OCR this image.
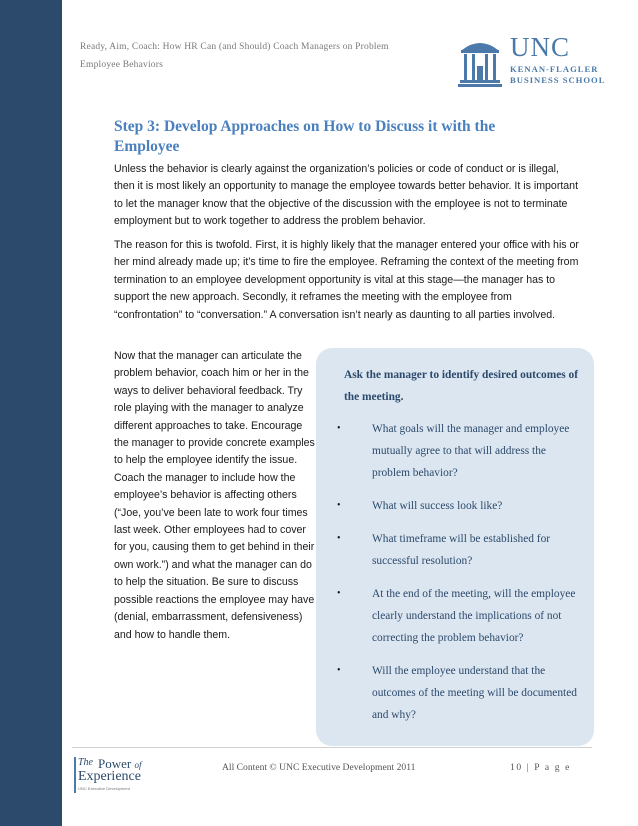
Ready, Aim, Coach: How HR Can (and Should) Coach Managers on Problem
Employee Behaviors
UNC
KENAN-FLAGLER
BUSINESS SCHOOL
Step 3: Develop Approaches on How to Discuss it with the Employee
Unless the behavior is clearly against the organization’s policies or code of conduct or is illegal, then it is most likely an opportunity to manage the employee towards better behavior. It is important to let the manager know that the objective of the discussion with the employee is not to terminate employment but to work together to address the problem behavior.
The reason for this is twofold. First, it is highly likely that the manager entered your office with his or her mind already made up; it’s time to fire the employee. Reframing the context of the meeting from termination to an employee development opportunity is vital at this stage—the manager has to support the new approach. Secondly, it reframes the meeting with the employee from “confrontation” to “conversation.” A conversation isn’t nearly as daunting to all parties involved.
Now that the manager can articulate the problem behavior, coach him or her in the ways to deliver behavioral feedback. Try role playing with the manager to analyze different approaches to take. Encourage the manager to provide concrete examples to help the employee identify the issue. Coach the manager to include how the employee’s behavior is affecting others (“Joe, you’ve been late to work four times last week. Other employees had to cover for you, causing them to get behind in their own work.”) and what the manager can do to help the situation. Be sure to discuss possible reactions the employee may have (denial, embarrassment, defensiveness) and how to handle them.
Ask the manager to identify desired outcomes of the meeting.
•	What goals will the manager and employee mutually agree to that will address the problem behavior?
•	What will success look like?
•	What timeframe will be established for successful resolution?
•	At the end of the meeting, will the employee clearly understand the implications of not correcting the problem behavior?
•	Will the employee understand that the outcomes of the meeting will be documented and why?
The Power of
Experience
UNC Executive Development
All Content © UNC Executive Development 2011	10 | P a g e
